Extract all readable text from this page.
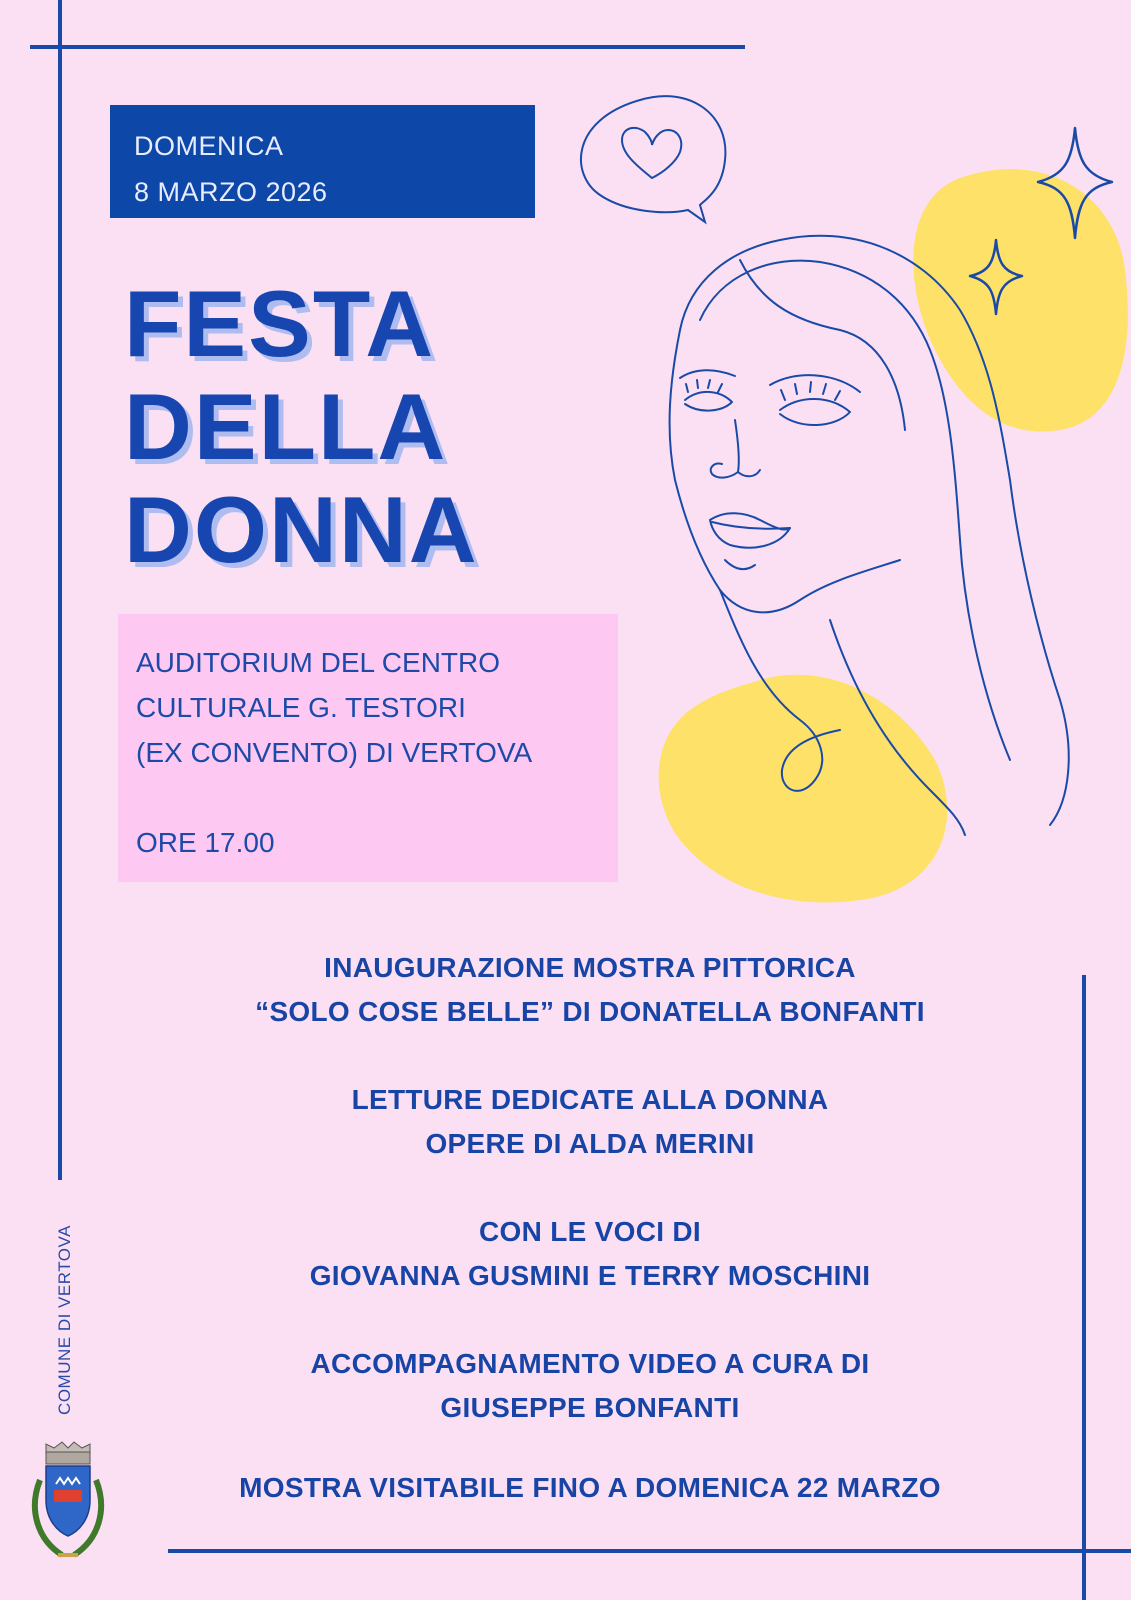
DOMENICA
8 MARZO 2026
FESTA
DELLA
DONNA
AUDITORIUM DEL CENTRO
CULTURALE G. TESTORI
(EX CONVENTO) DI VERTOVA
ORE 17.00
INAUGURAZIONE MOSTRA PITTORICA
“SOLO COSE BELLE” DI DONATELLA BONFANTI
LETTURE DEDICATE ALLA DONNA
OPERE DI ALDA MERINI
CON LE VOCI DI
GIOVANNA GUSMINI E TERRY MOSCHINI
ACCOMPAGNAMENTO VIDEO A CURA DI
GIUSEPPE BONFANTI
MOSTRA VISITABILE FINO A DOMENICA 22 MARZO
COMUNE DI VERTOVA
